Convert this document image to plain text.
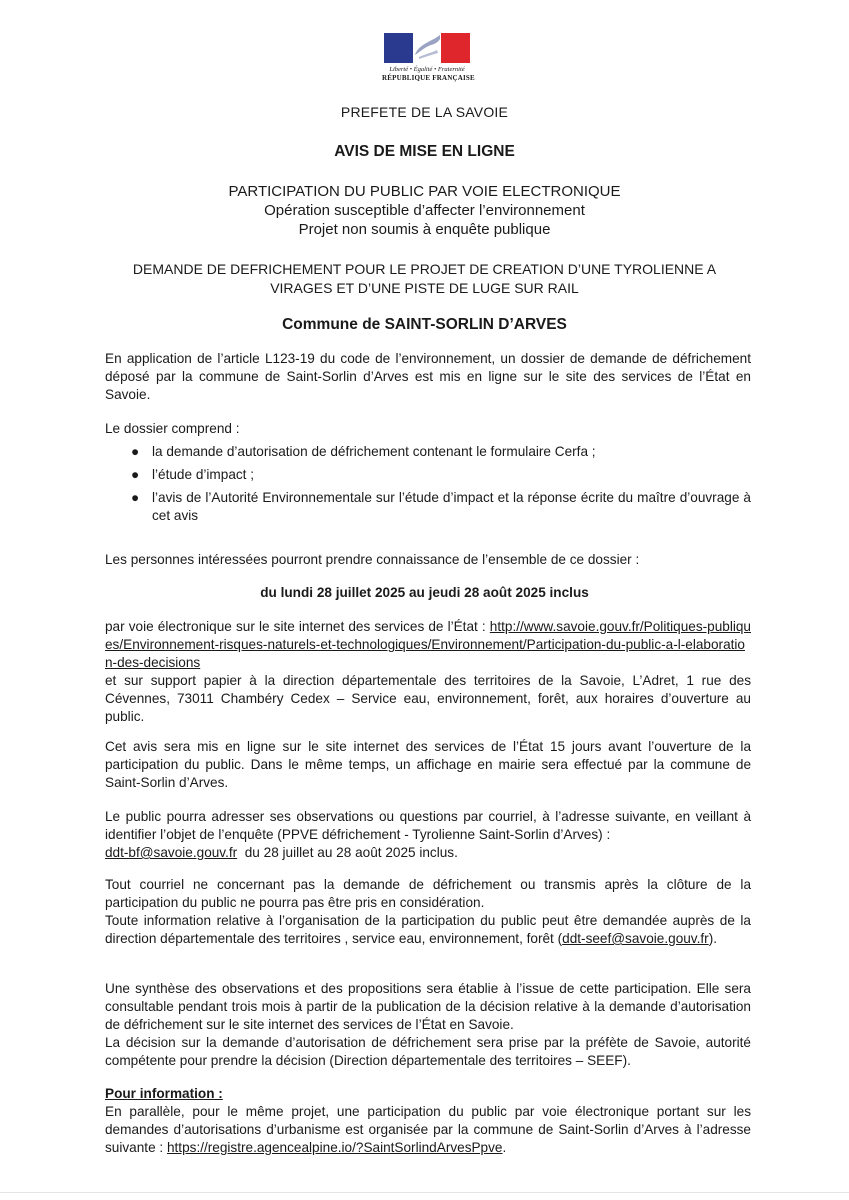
Liberté • Égalité • Fraternité
RÉPUBLIQUE FRANÇAISE
PREFETE DE LA SAVOIE
AVIS DE MISE EN LIGNE
PARTICIPATION DU PUBLIC PAR VOIE ELECTRONIQUE
Opération susceptible d’affecter l’environnement
Projet non soumis à enquête publique
DEMANDE DE DEFRICHEMENT POUR LE PROJET DE CREATION D’UNE TYROLIENNE A
VIRAGES ET D’UNE PISTE DE LUGE SUR RAIL
Commune de SAINT-SORLIN D’ARVES

En application de l’article L123-19 du code de l’environnement, un dossier de demande de défrichement déposé par la commune de Saint-Sorlin d’Arves est mis en ligne sur le site des services de l’État en Savoie.

Le dossier comprend :

● la demande d’autorisation de défrichement contenant le formulaire Cerfa ;
● l’étude d’impact ;
● l’avis de l’Autorité Environnementale sur l’étude d’impact et la réponse écrite du maître d’ouvrage à cet avis

Les personnes intéressées pourront prendre connaissance de l’ensemble de ce dossier :

du lundi 28 juillet 2025 au jeudi 28 août 2025 inclus

par voie électronique sur le site internet des services de l’État : http://www.savoie.gouv.fr/Politiques-publiques/Environnement-risques-naturels-et-technologiques/Environnement/Participation-du-public-a-l-elaboration-des-decisions

et sur support papier à la direction départementale des territoires de la Savoie, L’Adret, 1 rue des Cévennes, 73011 Chambéry Cedex – Service eau, environnement, forêt, aux horaires d’ouverture au public.

Cet avis sera mis en ligne sur le site internet des services de l’État 15 jours avant l’ouverture de la participation du public. Dans le même temps, un affichage en mairie sera effectué par la commune de Saint-Sorlin d’Arves.

Le public pourra adresser ses observations ou questions par courriel, à l’adresse suivante, en veillant à identifier l’objet de l’enquête (PPVE défrichement - Tyrolienne Saint-Sorlin d’Arves) :
ddt-bf@savoie.gouv.fr  du 28 juillet au 28 août 2025 inclus.

Tout courriel ne concernant pas la demande de défrichement ou transmis après la clôture de la participation du public ne pourra pas être pris en considération.

Toute information relative à l’organisation de la participation du public peut être demandée auprès de la direction départementale des territoires , service eau, environnement, forêt (ddt-seef@savoie.gouv.fr).

Une synthèse des observations et des propositions sera établie à l’issue de cette participation. Elle sera consultable pendant trois mois à partir de la publication de la décision relative à la demande d’autorisation de défrichement sur le site internet des services de l’État en Savoie.

La décision sur la demande d’autorisation de défrichement sera prise par la préfète de Savoie, autorité compétente pour prendre la décision (Direction départementale des territoires – SEEF).

Pour information :

En parallèle, pour le même projet, une participation du public par voie électronique portant sur les demandes d’autorisations d’urbanisme est organisée par la commune de Saint-Sorlin d’Arves à l’adresse suivante : https://registre.agencealpine.io/?SaintSorlindArvesPpve.
